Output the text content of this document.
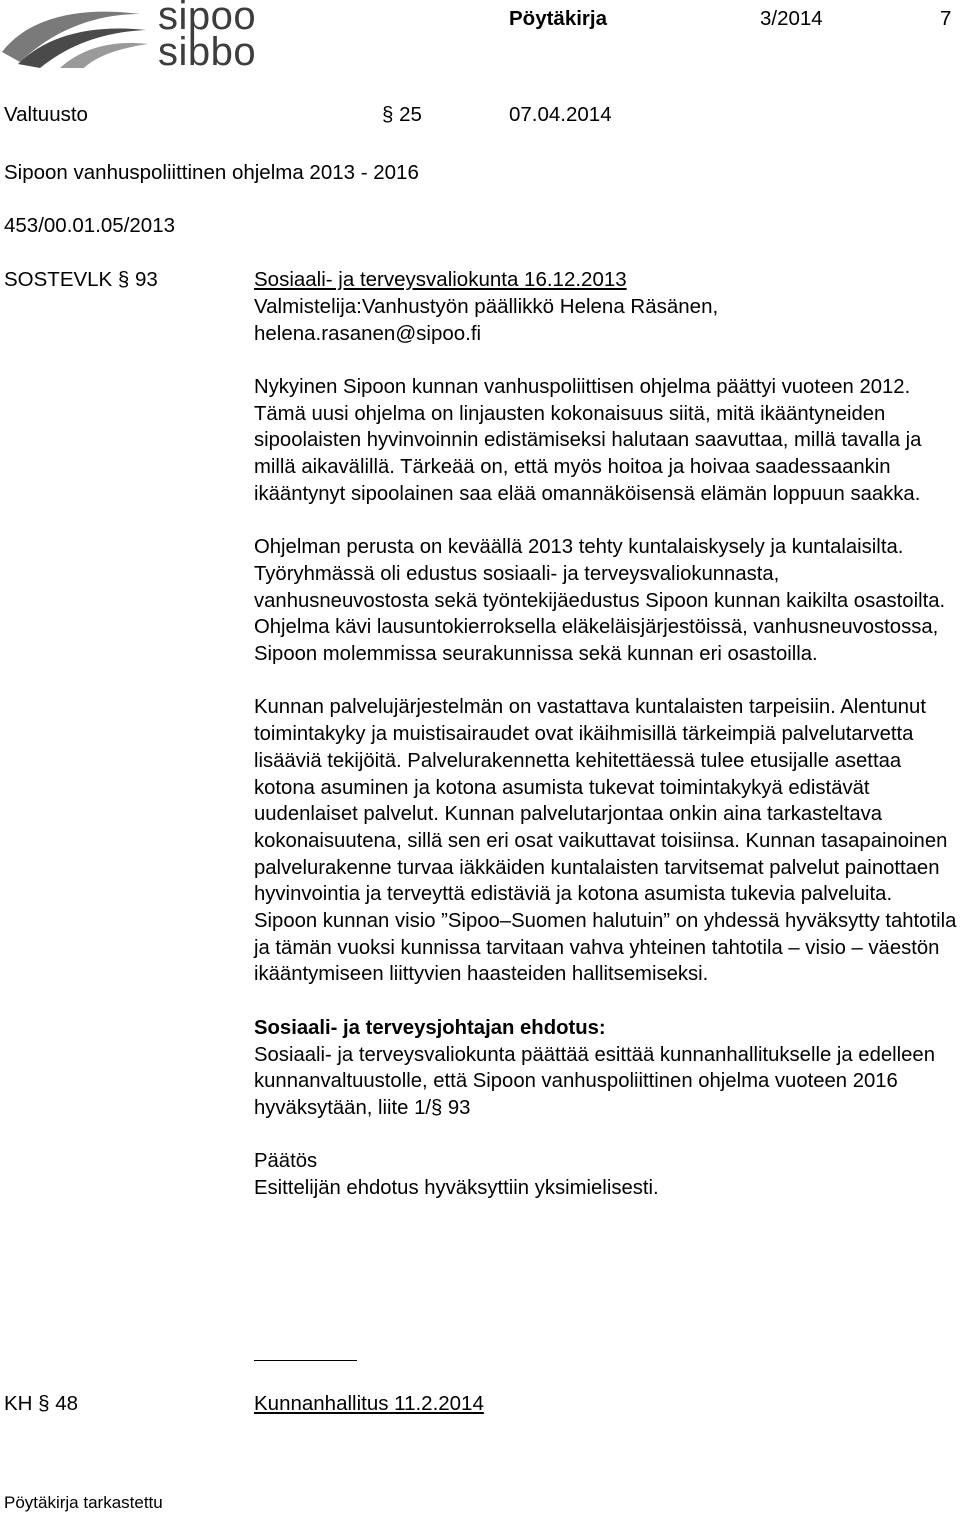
sipoo
sibbo
Pöytäkirja	3/2014	7
Valtuusto	§ 25	07.04.2014
Sipoon vanhuspoliittinen ohjelma 2013 - 2016
453/00.01.05/2013
SOSTEVLK § 93	Sosiaali- ja terveysvaliokunta 16.12.2013
Valmistelija:Vanhustyön päällikkö Helena Räsänen,
helena.rasanen@sipoo.fi

Nykyinen Sipoon kunnan vanhuspoliittisen ohjelma päättyi vuoteen 2012. Tämä uusi ohjelma on linjausten kokonaisuus siitä, mitä ikääntyneiden sipoolaisten hyvinvoinnin edistämiseksi halutaan saavuttaa, millä tavalla ja millä aikavälillä. Tärkeää on, että myös hoitoa ja hoivaa saadessaankin ikääntynyt sipoolainen saa elää omannäköisensä elämän loppuun saakka.

Ohjelman perusta on keväällä 2013 tehty kuntalaiskysely ja kuntalaisilta.

Työryhmässä oli edustus sosiaali- ja terveysvaliokunnasta, vanhusneuvostosta sekä työntekijäedustus Sipoon kunnan kaikilta osastoilta. Ohjelma kävi lausuntokierroksella eläkeläisjärjestöissä, vanhusneuvostossa, Sipoon molemmissa seurakunnissa sekä kunnan eri osastoilla.

Kunnan palvelujärjestelmän on vastattava kuntalaisten tarpeisiin. Alentunut toimintakyky ja muistisairaudet ovat ikäihmisillä tärkeimpiä palvelutarvetta lisääviä tekijöitä. Palvelurakennetta kehitettäessä tulee etusijalle asettaa kotona asuminen ja kotona asumista tukevat toimintakykyä edistävät uudenlaiset palvelut. Kunnan palvelutarjontaa onkin aina tarkasteltava kokonaisuutena, sillä sen eri osat vaikuttavat toisiinsa. Kunnan tasapainoinen palvelurakenne turvaa iäkkäiden kuntalaisten tarvitsemat palvelut painottaen hyvinvointia ja terveyttä edistäviä ja kotona asumista tukevia palveluita. Sipoon kunnan visio ”Sipoo–Suomen halutuin” on yhdessä hyväksytty tahtotila ja tämän vuoksi kunnissa tarvitaan vahva yhteinen tahtotila – visio – väestön ikääntymiseen liittyvien haasteiden hallitsemiseksi.

Sosiaali- ja terveysjohtajan ehdotus:

Sosiaali- ja terveysvaliokunta päättää esittää kunnanhallitukselle ja edelleen kunnanvaltuustolle, että Sipoon vanhuspoliittinen ohjelma vuoteen 2016 hyväksytään, liite 1/§ 93

Päätös

Esittelijän ehdotus hyväksyttiin yksimielisesti.

KH § 48	Kunnanhallitus 11.2.2014
Pöytäkirja tarkastettu
